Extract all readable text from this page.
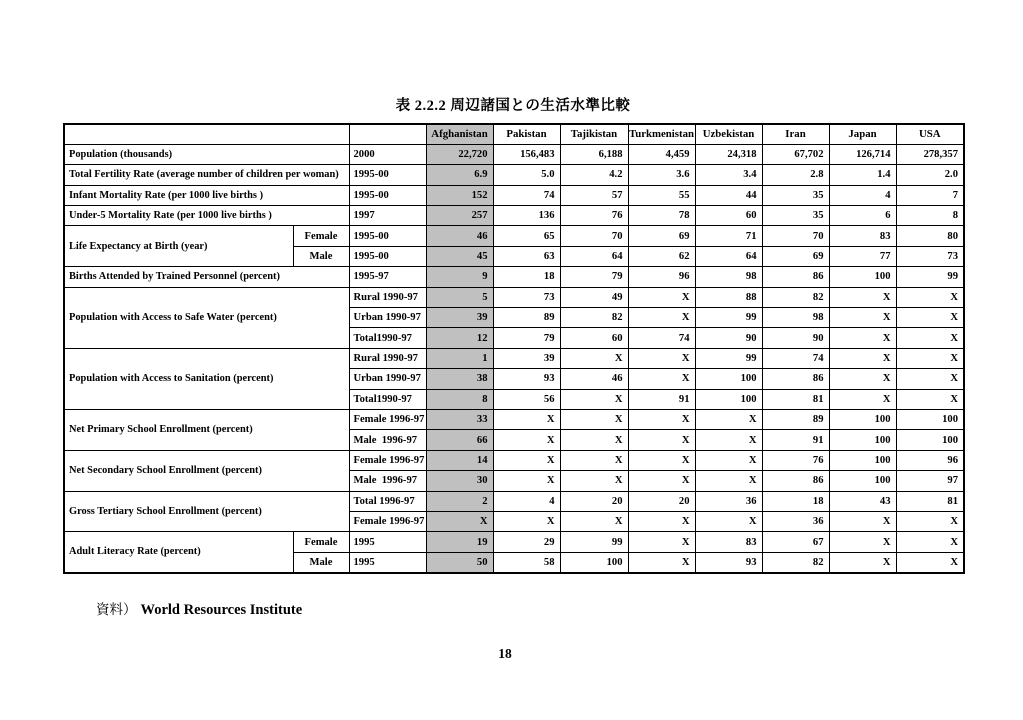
表 2.2.2 周辺諸国との生活水準比較
			Afghanistan	Pakistan	Tajikistan	Turkmenistan	Uzbekistan	Iran	Japan	USA
Population (thousands)		2000	22,720	156,483	6,188	4,459	24,318	67,702	126,714	278,357
Total Fertility Rate (average number of children per woman)		1995-00	6.9	5.0	4.2	3.6	3.4	2.8	1.4	2.0
Infant Mortality Rate (per 1000 live births )		1995-00	152	74	57	55	44	35	4	7
Under-5 Mortality Rate (per 1000 live births )		1997	257	136	76	78	60	35	6	8
Life Expectancy at Birth (year)	Female	1995-00	46	65	70	69	71	70	83	80
	Male	1995-00	45	63	64	62	64	69	77	73
Births Attended by Trained Personnel (percent)		1995-97	9	18	79	96	98	86	100	99
Population with Access to Safe Water (percent)		Rural 1990-97	5	73	49	X	88	82	X	X
		Urban 1990-97	39	89	82	X	99	98	X	X
		Total1990-97	12	79	60	74	90	90	X	X
Population with Access to Sanitation (percent)		Rural 1990-97	1	39	X	X	99	74	X	X
		Urban 1990-97	38	93	46	X	100	86	X	X
		Total1990-97	8	56	X	91	100	81	X	X
Net Primary School Enrollment (percent)		Female 1996-97	33	X	X	X	X	89	100	100
		Male  1996-97	66	X	X	X	X	91	100	100
Net Secondary School Enrollment (percent)		Female 1996-97	14	X	X	X	X	76	100	96
		Male  1996-97	30	X	X	X	X	86	100	97
Gross Tertiary School Enrollment (percent)		Total 1996-97	2	4	20	20	36	18	43	81
		Female 1996-97	X	X	X	X	X	36	X	X
Adult Literacy Rate (percent)	Female	1995	19	29	99	X	83	67	X	X
	Male	1995	50	58	100	X	93	82	X	X
資料） World Resources Institute
18
